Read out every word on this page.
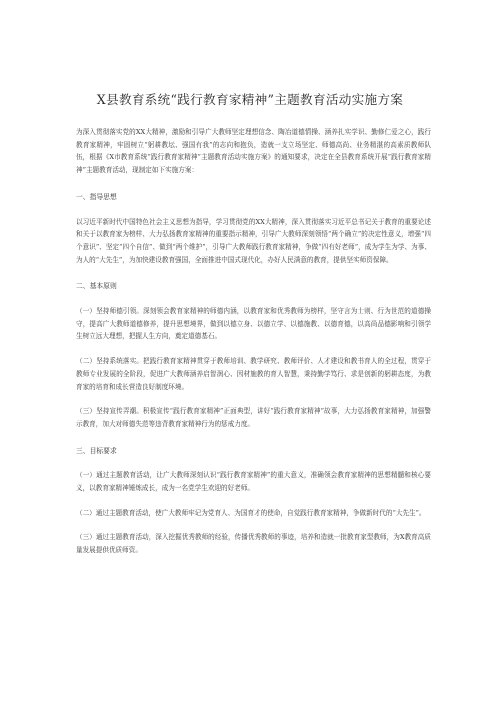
X县教育系统“践行教育家精神”主题教育活动实施方案

为深入贯彻落实党的XX大精神，激励和引导广大教师坚定理想信念、陶冶道德情操、涵养扎实学识、勤修仁爱之心，践行教育家精神，牢固树立“躬耕教坛、强国有我”的志向和抱负，造就一支立场坚定、师德高尚、业务精湛的高素质教师队伍，根据《X市教育系统“践行教育家精神”主题教育活动实施方案》的通知要求，决定在全县教育系统开展“践行教育家精神”主题教育活动，现制定如下实施方案：

一、指导思想

以习近平新时代中国特色社会主义思想为指导，学习贯彻党的XX大精神，深入贯彻落实习近平总书记关于教育的重要论述和关于以教育家为榜样、大力弘扬教育家精神的重要指示精神，引导广大教师深刻领悟“两个确立”的决定性意义，增强“四个意识”、坚定“四个自信”、做到“两个维护”，引导广大教师践行教育家精神，争做“四有好老师”，成为学生为学、为事、为人的“大先生”，为加快建设教育强国，全面推进中国式现代化，办好人民满意的教育，提供坚实师资保障。

二、基本原则

（一）坚持师德引领。深刻领会教育家精神的师德内涵，以教育家和优秀教师为榜样，坚守言为士则、行为世范的道德操守，提高广大教师道德修养，提升思想境界，做到以德立身、以德立学、以德施教、以德育德，以高尚品德影响和引领学生树立远大理想，把握人生方向，奠定道德基石。

（二）坚持系统落实。把践行教育家精神贯穿于教师培训、教学研究、教师评价、人才建设和教书育人的全过程，贯穿于教师专业发展的全阶段，促进广大教师涵养启智润心、因材施教的育人智慧，秉持勤学笃行、求是创新的躬耕态度，为教育家的培育和成长营造良好制度环境。

（三）坚持宣传弄潮。积极宣传“践行教育家精神”正面典型，讲好“践行教育家精神”故事，大力弘扬教育家精神，加强警示教育，加大对师德失范等违背教育家精神行为的惩戒力度。

三、目标要求

（一）通过主题教育活动，让广大教师深刻认识“践行教育家精神”的重大意义，准确领会教育家精神的思想精髓和核心要义，以教育家精神锤炼成长，成为一名党学生欢迎的好老师。

（二）通过主题教育活动，使广大教师牢记为党育人、为国育才的使命，自觉践行教育家精神，争做新时代的“大先生”。

（三）通过主题教育活动，深入挖掘优秀教师的经验，传播优秀教师的事迹，培养和造就一批教育家型教师，为X教育高质量发展提供优质师资。
